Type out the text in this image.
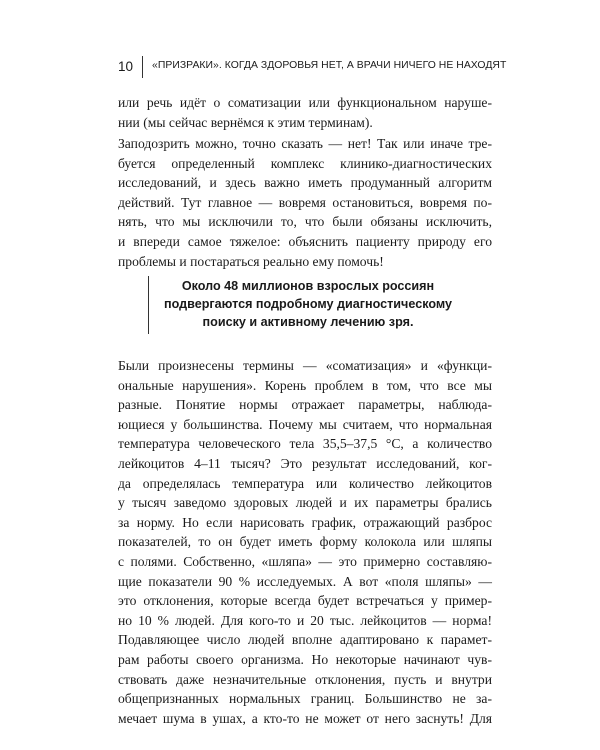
10 «ПРИЗРАКИ». КОГДА ЗДОРОВЬЯ НЕТ, А ВРАЧИ НИЧЕГО НЕ НАХОДЯТ
или речь идёт о соматизации или функциональном наруше-
нии (мы сейчас вернёмся к этим терминам).
Заподозрить можно, точно сказать — нет! Так или иначе тре-
буется определенный комплекс клинико-диагностических
исследований, и здесь важно иметь продуманный алгоритм
действий. Тут главное — вовремя остановиться, вовремя по-
нять, что мы исключили то, что были обязаны исключить,
и впереди самое тяжелое: объяснить пациенту природу его
проблемы и постараться реально ему помочь!
Около 48 миллионов взрослых россиян
подвергаются подробному диагностическому
поиску и активному лечению зря.
Были произнесены термины — «соматизация» и «функци-
ональные нарушения». Корень проблем в том, что все мы
разные. Понятие нормы отражает параметры, наблюда-
ющиеся у большинства. Почему мы считаем, что нормальная
температура человеческого тела 35,5–37,5 °C, а количество
лейкоцитов 4–11 тысяч? Это результат исследований, ког-
да определялась температура или количество лейкоцитов
у тысяч заведомо здоровых людей и их параметры брались
за норму. Но если нарисовать график, отражающий разброс
показателей, то он будет иметь форму колокола или шляпы
с полями. Собственно, «шляпа» — это примерно составляю-
щие показатели 90 % исследуемых. А вот «поля шляпы» —
это отклонения, которые всегда будет встречаться у пример-
но 10 % людей. Для кого-то и 20 тыс. лейкоцитов — норма!
Подавляющее число людей вполне адаптировано к парамет-
рам работы своего организма. Но некоторые начинают чув-
ствовать даже незначительные отклонения, пусть и внутри
общепризнанных нормальных границ. Большинство не за-
мечает шума в ушах, а кто-то не может от него заснуть! Для
